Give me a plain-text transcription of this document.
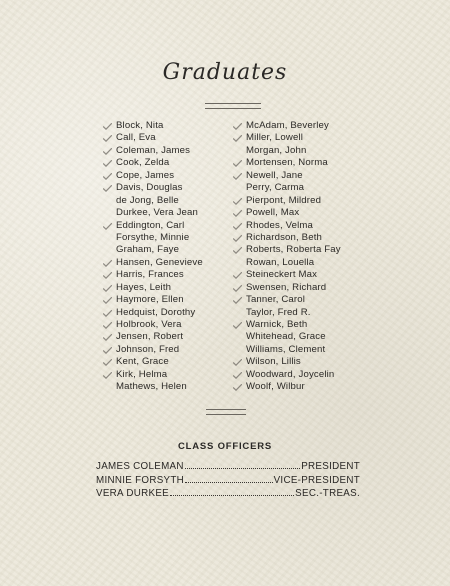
Graduates
Block, Nita
Call, Eva
Coleman, James
Cook, Zelda
Cope, James
Davis, Douglas
de Jong, Belle
Durkee, Vera Jean
Eddington, Carl
Forsythe, Minnie
Graham, Faye
Hansen, Genevieve
Harris, Frances
Hayes, Leith
Haymore, Ellen
Hedquist, Dorothy
Holbrook, Vera
Jensen, Robert
Johnson, Fred
Kent, Grace
Kirk, Helma
Mathews, Helen
McAdam, Beverley
Miller, Lowell
Morgan, John
Mortensen, Norma
Newell, Jane
Perry, Carma
Pierpont, Mildred
Powell, Max
Rhodes, Velma
Richardson, Beth
Roberts, Roberta Fay
Rowan, Louella
Steineckert Max
Swensen, Richard
Tanner, Carol
Taylor, Fred R.
Warnick, Beth
Whitehead, Grace
Williams, Clement
Wilson, Lillis
Woodward, Joycelin
Woolf, Wilbur
CLASS OFFICERS
JAMES COLEMAN	PRESIDENT
MINNIE FORSYTH	VICE-PRESIDENT
VERA DURKEE	SEC.-TREAS.
